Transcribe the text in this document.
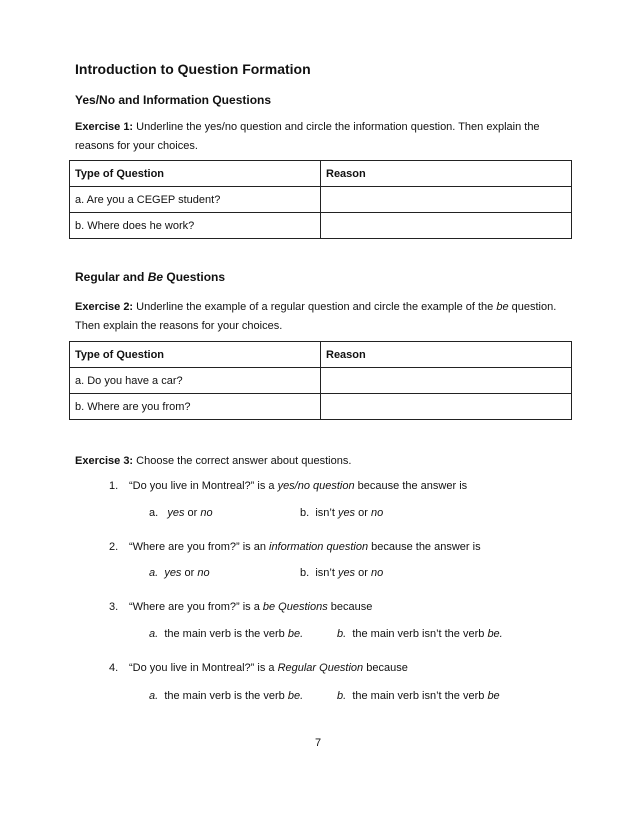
Introduction to Question Formation
Yes/No and Information Questions
Exercise 1: Underline the yes/no question and circle the information question. Then explain the
reasons for your choices.
Type of Question	Reason
a. Are you a CEGEP student?	
b. Where does he work?	
Regular and Be Questions
Exercise 2: Underline the example of a regular question and circle the example of the be question.
Then explain the reasons for your choices.
Type of Question	Reason
a. Do you have a car?	
b. Where are you from?	
Exercise 3: Choose the correct answer about questions.
1. “Do you live in Montreal?” is a yes/no question because the answer is
a. yes or no	b. isn’t yes or no
2. “Where are you from?” is an information question because the answer is
a. yes or no	b. isn’t yes or no
3. “Where are you from?” is a be Questions because
a. the main verb is the verb be.	b. the main verb isn’t the verb be.
4. “Do you live in Montreal?” is a Regular Question because
a. the main verb is the verb be.	b. the main verb isn’t the verb be
7
